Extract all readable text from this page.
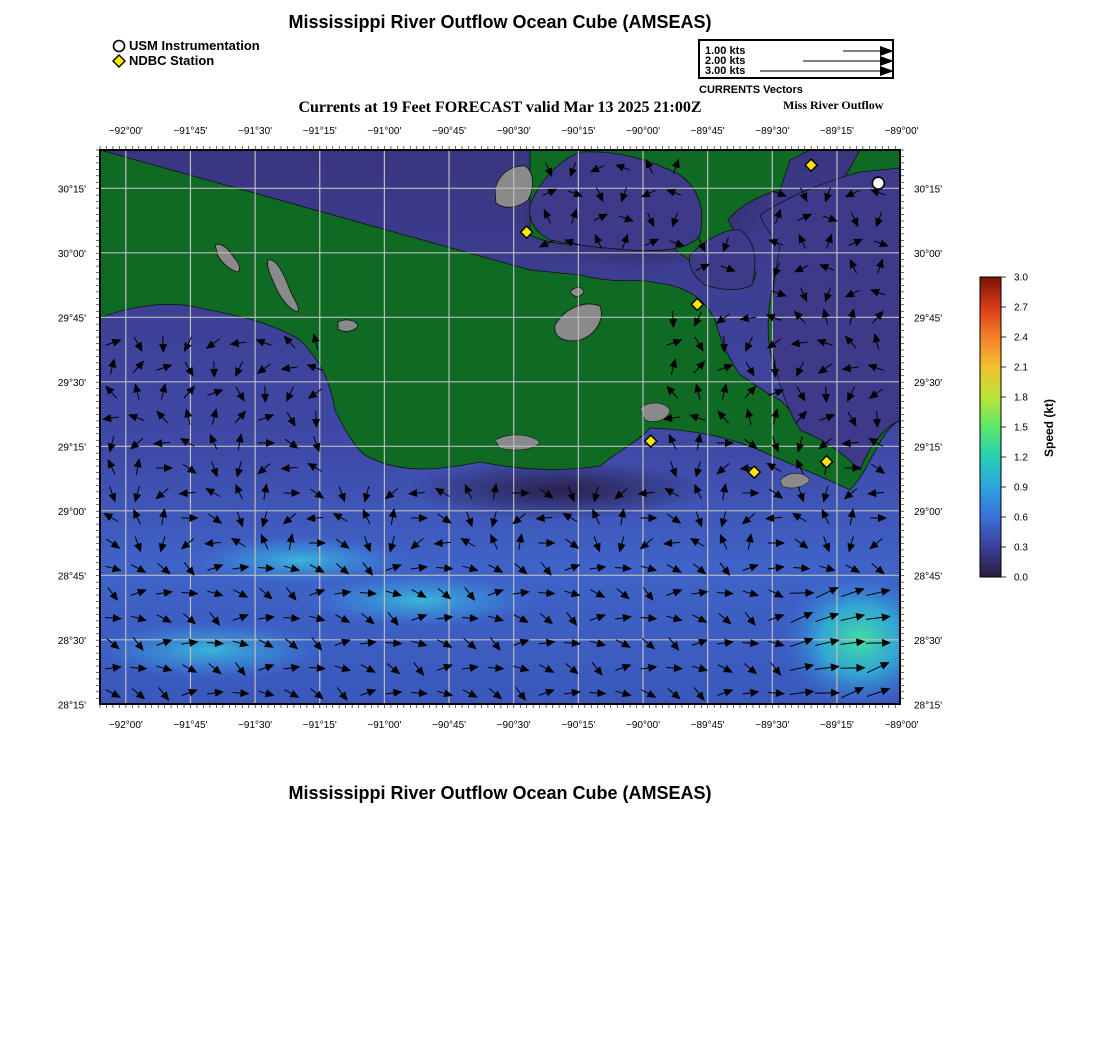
Mississippi River Outflow Ocean Cube (AMSEAS)
USM Instrumentation
NDBC Station
1.00 kts
2.00 kts
3.00 kts
CURRENTS Vectors
Currents at 19 Feet FORECAST valid Mar 13 2025 21:00Z	Miss River Outflow
−92°00'
−92°00'
−91°45'
−91°45'
−91°30'
−91°30'
−91°15'
−91°15'
−91°00'
−91°00'
−90°45'
−90°45'
−90°30'
−90°30'
−90°15'
−90°15'
−90°00'
−90°00'
−89°45'
−89°45'
−89°30'
−89°30'
−89°15'
−89°15'
−89°00'
−89°00'
30°15'	30°15'
30°00'	30°00'
29°45'	29°45'
29°30'	29°30'
29°15'	29°15'
29°00'	29°00'
28°45'	28°45'
28°30'	28°30'
28°15'	28°15'
3.0
2.7
2.4
2.1
1.8
1.5
1.2
0.9
0.6
0.3
0.0
Speed (kt)
Mississippi River Outflow Ocean Cube (AMSEAS)
